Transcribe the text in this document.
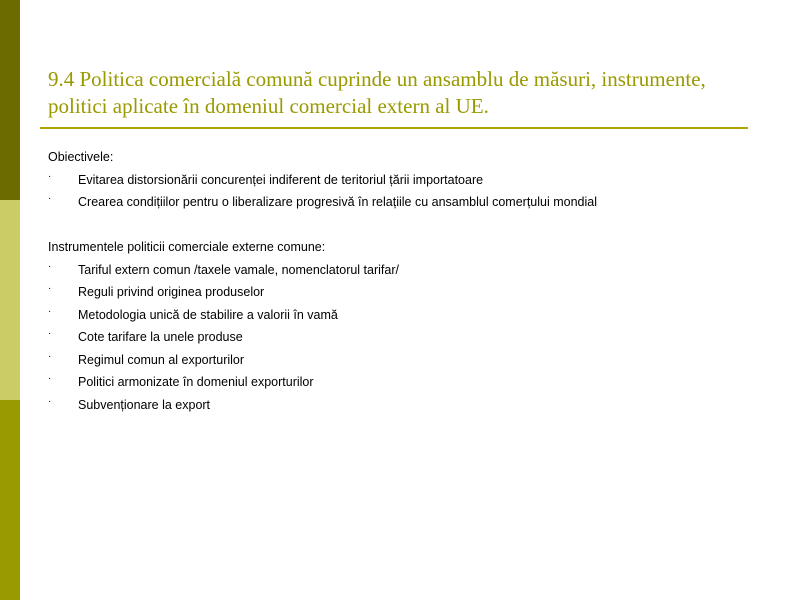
9.4 Politica comercială comună cuprinde un ansamblu de măsuri, instrumente,
politici aplicate în domeniul comercial extern al UE.
Obiectivele:
· Evitarea distorsionării concurenței indiferent de teritoriul țării importatoare
· Crearea condițiilor pentru o liberalizare progresivă în relațiile cu ansamblul comerțului mondial
Instrumentele politicii comerciale externe comune:
· Tariful extern comun /taxele vamale, nomenclatorul tarifar/
· Reguli privind originea produselor
· Metodologia unică de stabilire a valorii în vamă
· Cote tarifare la unele produse
· Regimul comun al exporturilor
· Politici armonizate în domeniul exporturilor
· Subvenționare la export
